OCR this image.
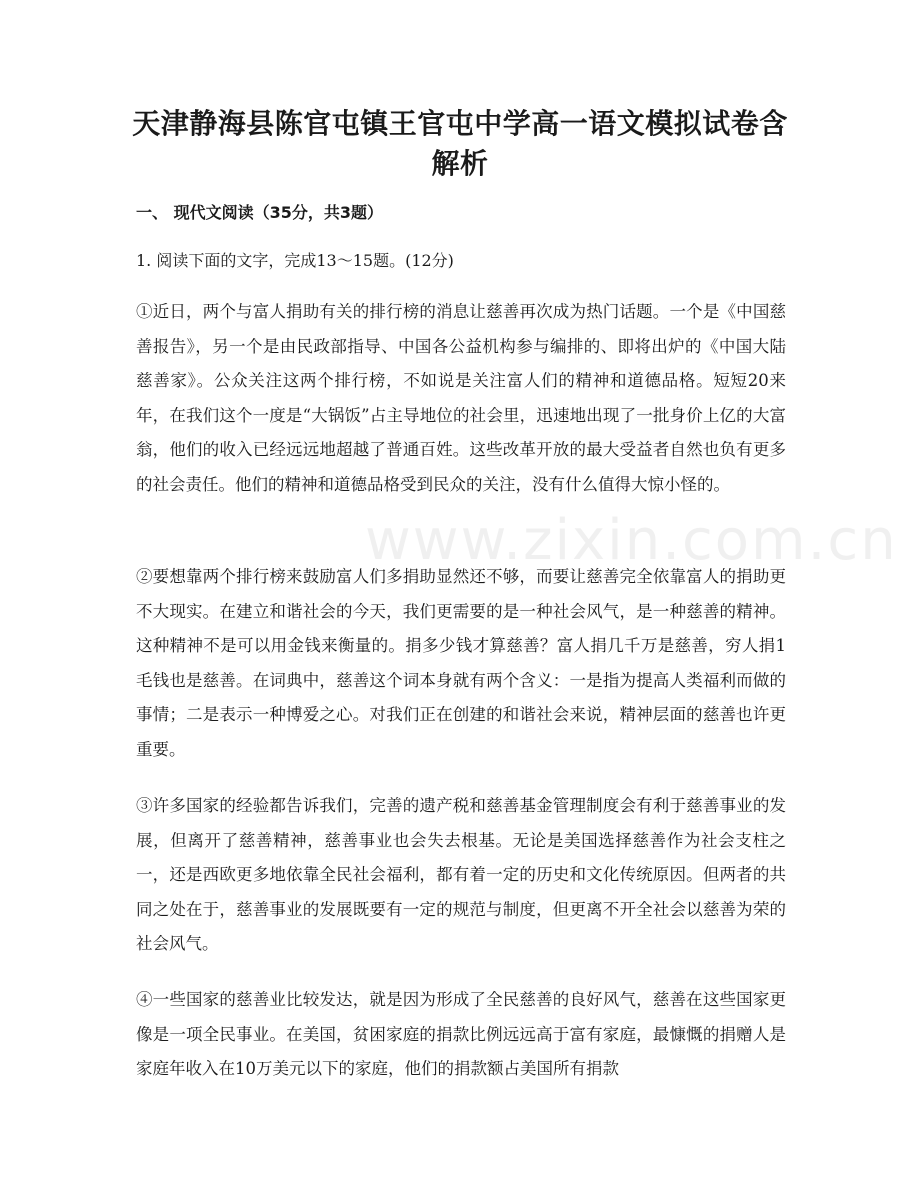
www.zixin.com.cn
天津静海县陈官屯镇王官屯中学高一语文模拟试卷含解析
一、 现代文阅读（35分，共3题）
1. 阅读下面的文字，完成13～15题。(12分)
①近日，两个与富人捐助有关的排行榜的消息让慈善再次成为热门话题。一个是《中国慈善报告》，另一个是由民政部指导、中国各公益机构参与编排的、即将出炉的《中国大陆慈善家》。公众关注这两个排行榜，不如说是关注富人们的精神和道德品格。短短20来年，在我们这个一度是“大锅饭”占主导地位的社会里，迅速地出现了一批身价上亿的大富翁，他们的收入已经远远地超越了普通百姓。这些改革开放的最大受益者自然也负有更多的社会责任。他们的精神和道德品格受到民众的关注，没有什么值得大惊小怪的。
②要想靠两个排行榜来鼓励富人们多捐助显然还不够，而要让慈善完全依靠富人的捐助更不大现实。在建立和谐社会的今天，我们更需要的是一种社会风气，是一种慈善的精神。这种精神不是可以用金钱来衡量的。捐多少钱才算慈善？富人捐几千万是慈善，穷人捐1毛钱也是慈善。在词典中，慈善这个词本身就有两个含义：一是指为提高人类福利而做的事情；二是表示一种博爱之心。对我们正在创建的和谐社会来说，精神层面的慈善也许更重要。
③许多国家的经验都告诉我们，完善的遗产税和慈善基金管理制度会有利于慈善事业的发展，但离开了慈善精神，慈善事业也会失去根基。无论是美国选择慈善作为社会支柱之一，还是西欧更多地依靠全民社会福利，都有着一定的历史和文化传统原因。但两者的共同之处在于，慈善事业的发展既要有一定的规范与制度，但更离不开全社会以慈善为荣的社会风气。
④一些国家的慈善业比较发达，就是因为形成了全民慈善的良好风气，慈善在这些国家更像是一项全民事业。在美国，贫困家庭的捐款比例远远高于富有家庭，最慷慨的捐赠人是家庭年收入在10万美元以下的家庭，他们的捐款额占美国所有捐款
